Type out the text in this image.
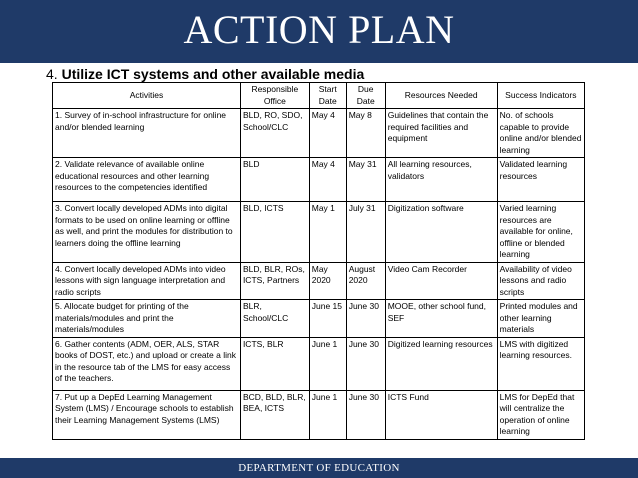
ACTION PLAN
4. Utilize ICT systems and other available media
Activities	Responsible Office	Start Date	Due Date	Resources Needed	Success Indicators
1. Survey of in-school infrastructure for online and/or blended learning	BLD, RO, SDO, School/CLC	May 4	May 8	Guidelines that contain the required facilities and equipment	No. of schools capable to provide online and/or blended learning
2. Validate relevance of available online educational resources and other learning resources to the competencies identified	BLD	May 4	May 31	All learning resources, validators	Validated learning resources
3. Convert locally developed ADMs into digital formats to be used on online learning or offline as well, and print the modules for distribution to learners doing the offline learning	BLD, ICTS	May 1	July 31	Digitization software	Varied learning resources are available for online, offline or blended learning
4. Convert locally developed ADMs into video lessons with sign language interpretation and radio scripts	BLD, BLR, ROs, ICTS, Partners	May 2020	August 2020	Video Cam Recorder	Availability of video lessons and radio scripts
5. Allocate budget for printing of the materials/modules and print the materials/modules	BLR, School/CLC	June 15	June 30	MOOE, other school fund, SEF	Printed modules and other learning materials
6. Gather contents (ADM, OER, ALS, STAR books of DOST, etc.) and upload or create a link in the resource tab of the LMS for easy access of the teachers.	ICTS, BLR	June 1	June 30	Digitized learning resources	LMS with digitized learning resources.
7. Put up a DepEd Learning Management System (LMS) / Encourage schools to establish their Learning Management Systems (LMS)	BCD, BLD, BLR, BEA, ICTS	June 1	June 30	ICTS Fund	LMS for DepEd that will centralize the operation of online learning
DEPARTMENT OF EDUCATION
